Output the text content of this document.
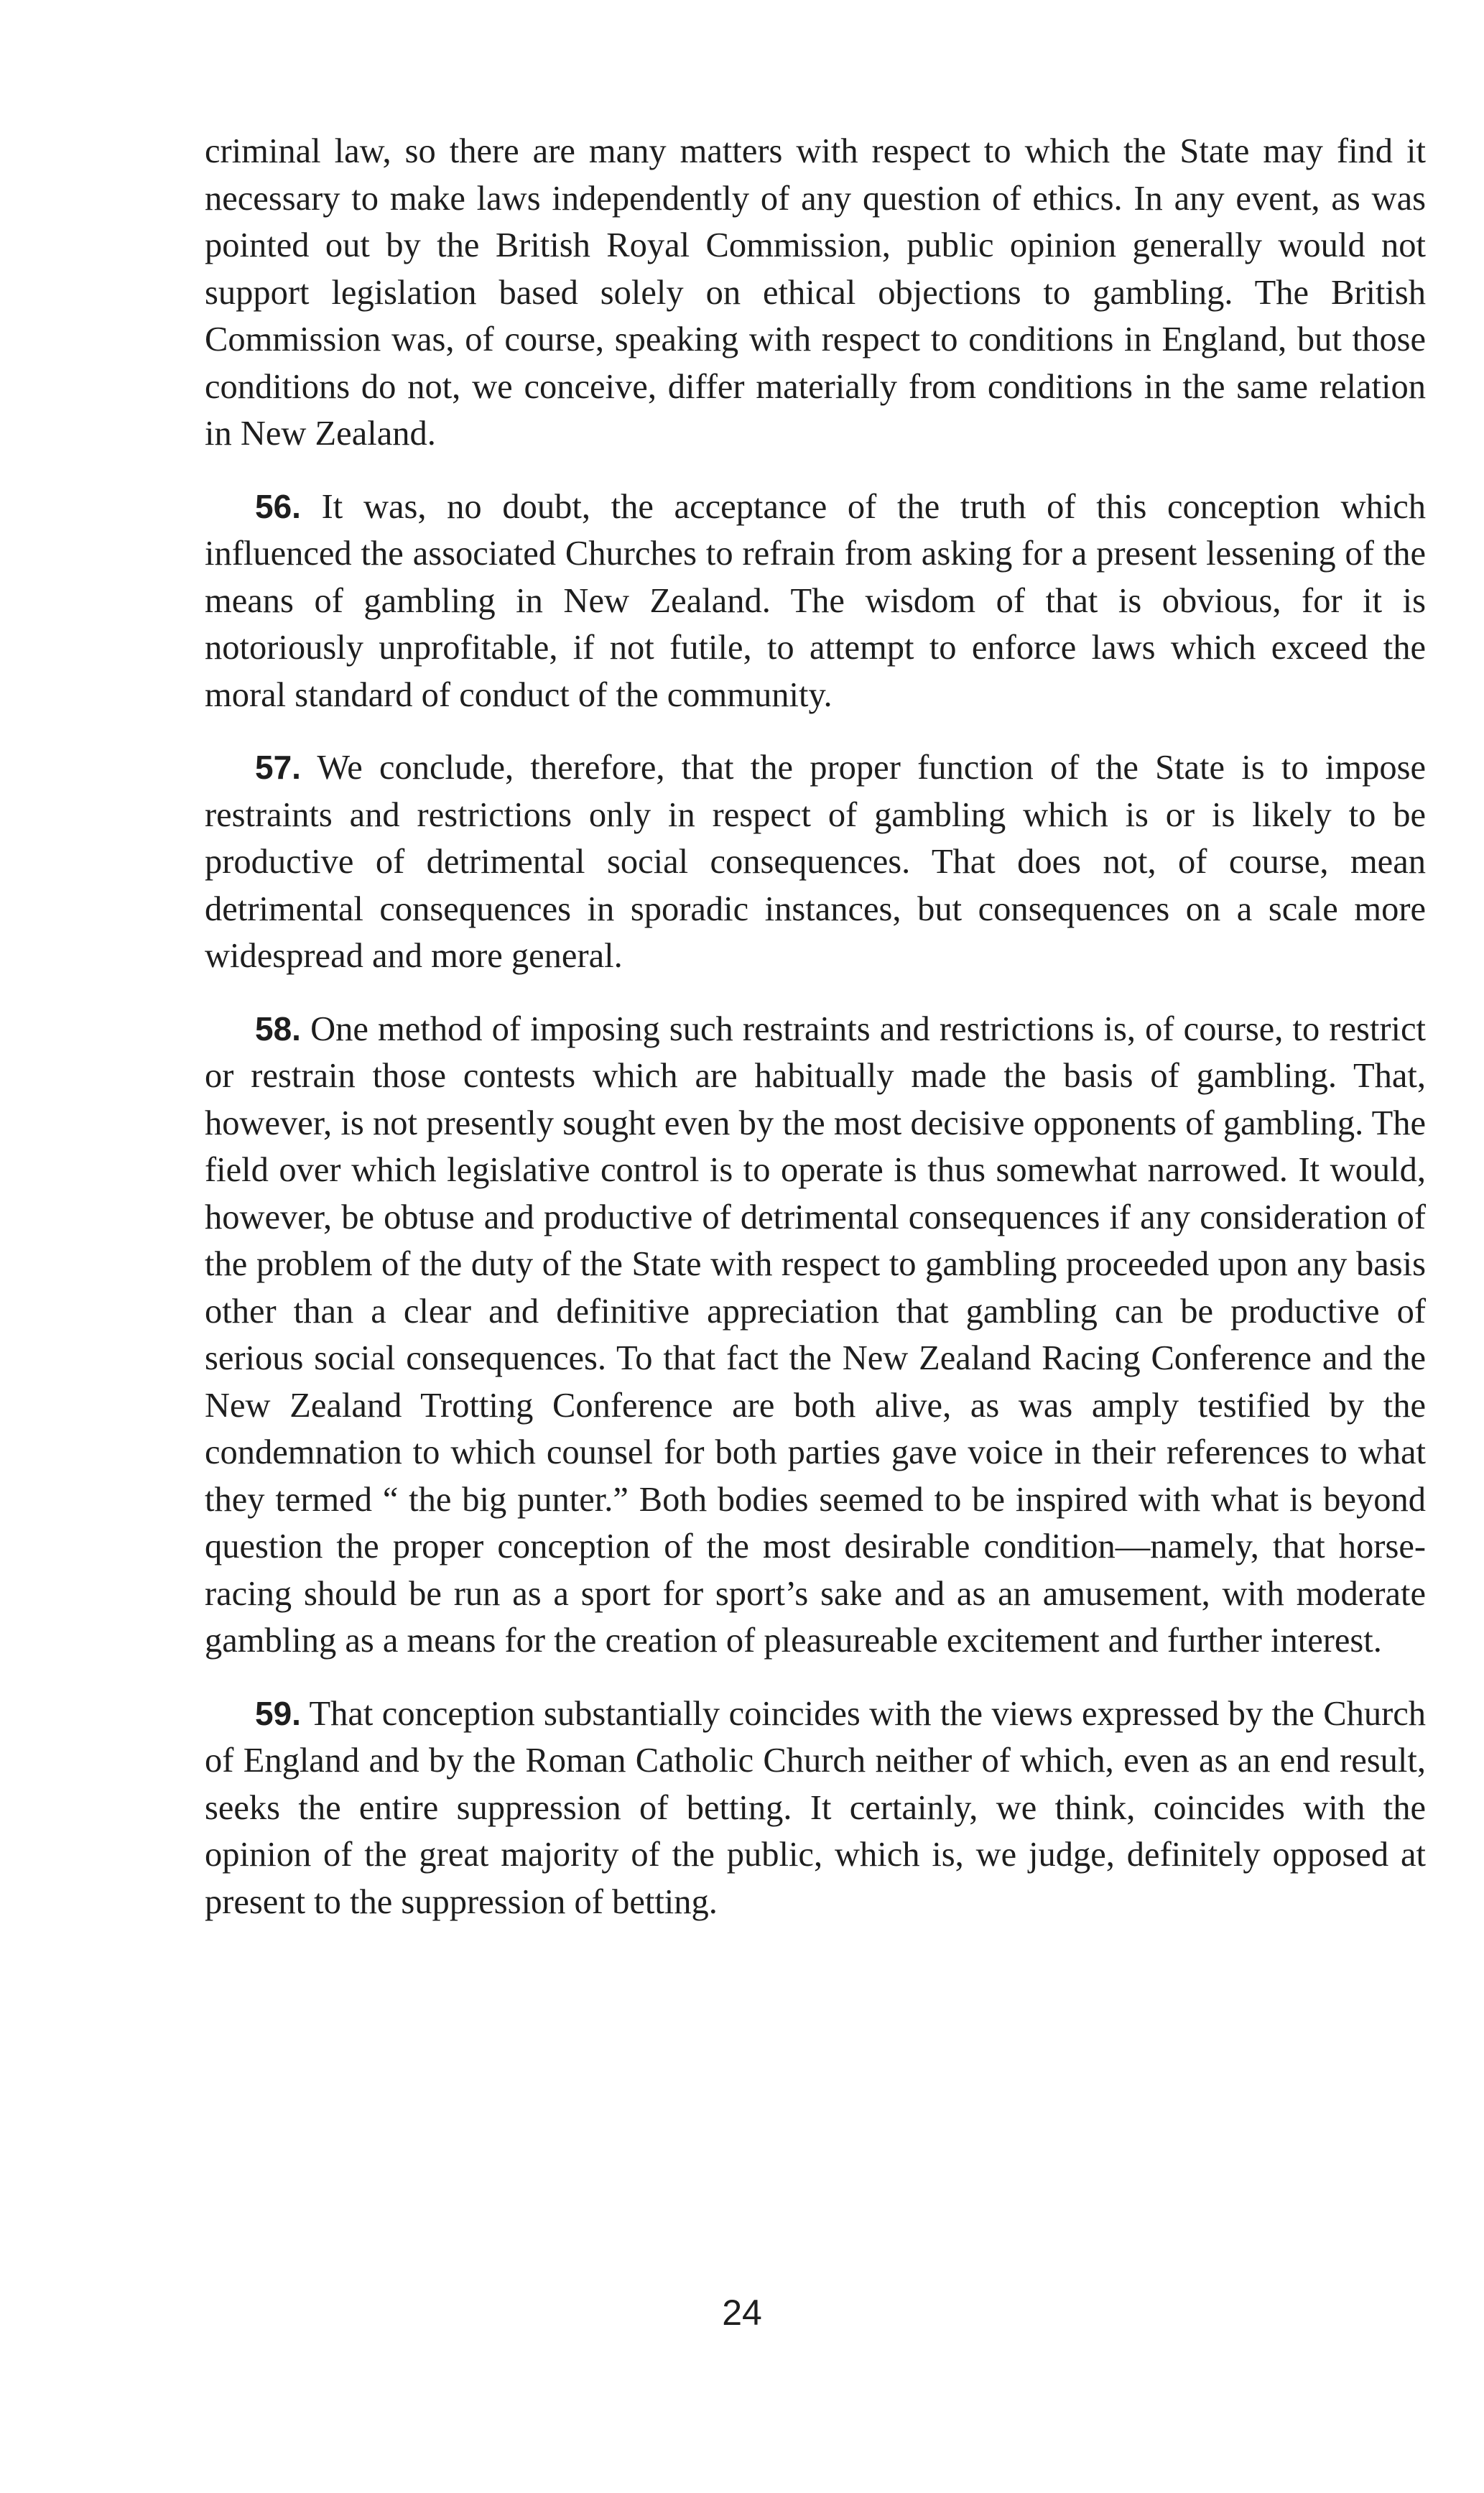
criminal law, so there are many matters with respect to which the State may find it necessary to make laws independently of any question of ethics. In any event, as was pointed out by the British Royal Commission, public opinion generally would not support legislation based solely on ethical objections to gambling. The British Commission was, of course, speaking with respect to conditions in England, but those conditions do not, we conceive, differ materially from conditions in the same relation in New Zealand.

56. It was, no doubt, the acceptance of the truth of this conception which influenced the associated Churches to refrain from asking for a present lessening of the means of gambling in New Zealand. The wisdom of that is obvious, for it is notoriously unprofitable, if not futile, to attempt to enforce laws which exceed the moral standard of conduct of the community.

57. We conclude, therefore, that the proper function of the State is to impose restraints and restrictions only in respect of gambling which is or is likely to be productive of detrimental social consequences. That does not, of course, mean detrimental consequences in sporadic instances, but consequences on a scale more widespread and more general.

58. One method of imposing such restraints and restrictions is, of course, to restrict or restrain those contests which are habitually made the basis of gambling. That, however, is not presently sought even by the most decisive opponents of gambling. The field over which legislative control is to operate is thus somewhat narrowed. It would, however, be obtuse and productive of detrimental consequences if any consideration of the problem of the duty of the State with respect to gambling proceeded upon any basis other than a clear and definitive appreciation that gambling can be productive of serious social consequences. To that fact the New Zealand Racing Conference and the New Zealand Trotting Conference are both alive, as was amply testified by the condemnation to which counsel for both parties gave voice in their references to what they termed “ the big punter.” Both bodies seemed to be inspired with what is beyond question the proper conception of the most desirable condition—namely, that horse-racing should be run as a sport for sport’s sake and as an amusement, with moderate gambling as a means for the creation of pleasureable excitement and further interest.

59. That conception substantially coincides with the views expressed by the Church of England and by the Roman Catholic Church neither of which, even as an end result, seeks the entire suppression of betting. It certainly, we think, coincides with the opinion of the great majority of the public, which is, we judge, definitely opposed at present to the suppression of betting.

24
